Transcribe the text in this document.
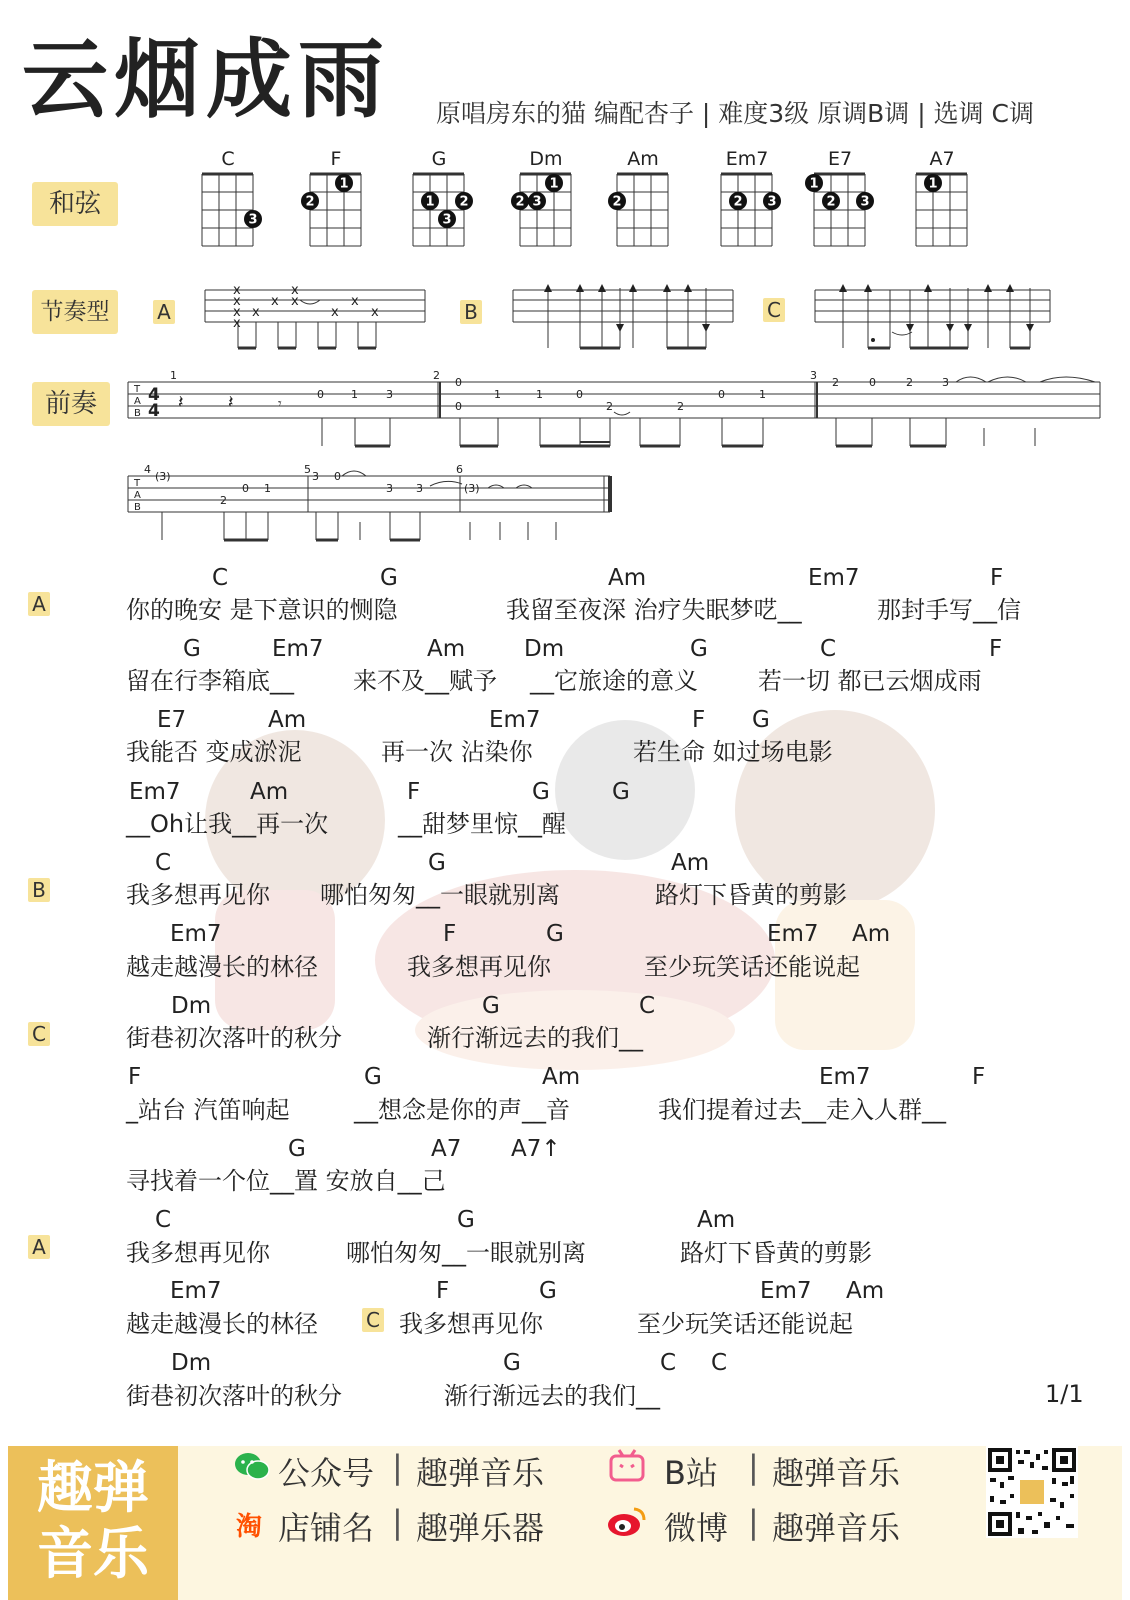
云烟成雨 原唱房东的猫 编配杏子 | 难度3级 原调B调 | 选调 C调
和弦
节奏型
前奏
C
3
F
1
2
G
1 2
3
Dm
1
2 3
Am
2
Em7
2 3
E7
1
2 3
A7
1
A	B	C
x
x
x
x
x
x
x
x
x
x
x
T
A
B
4
4 𝄽 𝄽	𝄾
1
0 1	3
2
0
0
1	1	0
2	2
0	1
3
2	0	2	3
T
A
B
4
(3)
2
0 1
5
3 0
3 3
6
(3)
A
B
C
A
C	G	Am	Em7	F
G	Em7	Am	Dm	G	C	F
E7	Am	Em7	F G
Em7	Am	F	G	G
C	G	Am
Em7	F	G	Em7 Am
Dm	G	C
F	G	Am	Em7	F
G	A7 A7↑
C	G	Am
Em7	F	G	Em7 Am
Dm	G	C C
你的晚安 是下意识的恻隐	我留至夜深 治疗失眠梦呓__	那封手写__信
留在行李箱底__ 来不及__赋予 __它旅途的意义	若一切 都已云烟成雨
我能否 变成淤泥	再一次 沾染你	若生命 如过场电影
__Oh让我__再一次	__甜梦里惊__醒
我多想再见你 哪怕匆匆__一眼就别离	路灯下昏黄的剪影
越走越漫长的林径	我多想再见你	至少玩笑话还能说起
街巷初次落叶的秋分	渐行渐远去的我们__
_站台 汽笛响起	__想念是你的声__音	我们提着过去__走入人群__
寻找着一个位__置 安放自__己
我多想再见你	哪怕匆匆__一眼就别离	路灯下昏黄的剪影
越走越漫长的林径	我多想再见你	至少玩笑话还能说起
街巷初次落叶的秋分	渐行渐远去的我们__
C
1/1
趣弹
音乐
公众号 | 趣弹音乐	B站 | 趣弹音乐
淘 店铺名 | 趣弹乐器	微博 | 趣弹音乐
